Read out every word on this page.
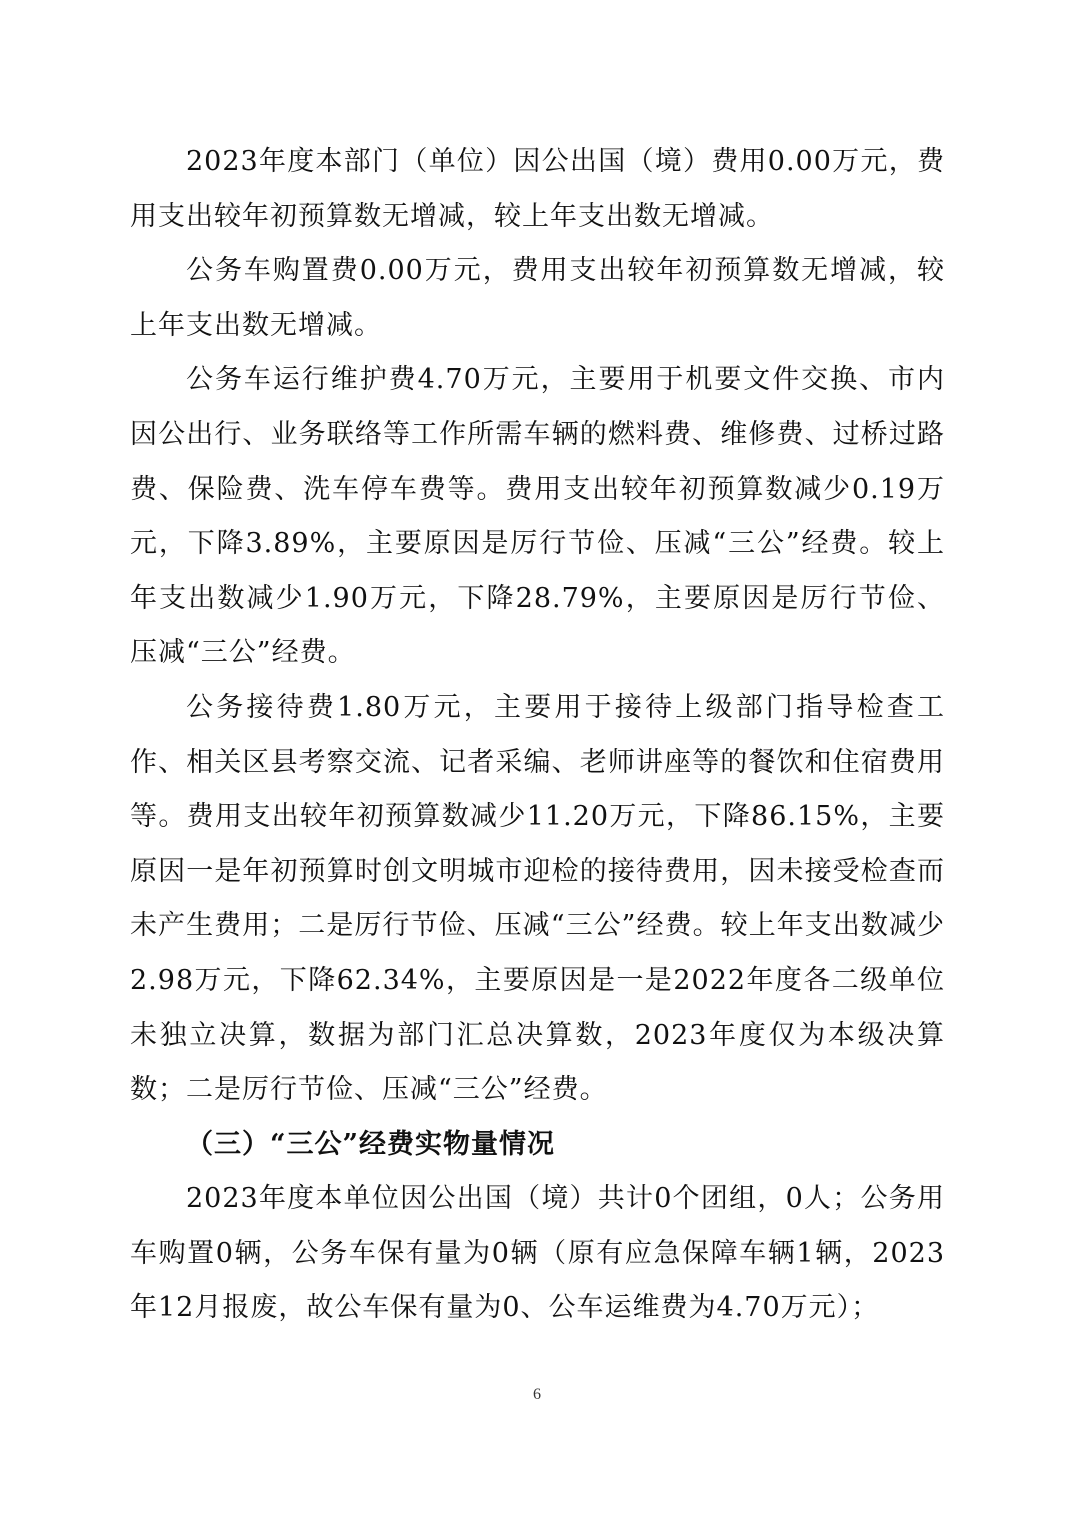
2023年度本部门（单位）因公出国（境）费用0.00万元，费用支出较年初预算数无增减，较上年支出数无增减。

公务车购置费0.00万元，费用支出较年初预算数无增减，较上年支出数无增减。

公务车运行维护费4.70万元，主要用于机要文件交换、市内因公出行、业务联络等工作所需车辆的燃料费、维修费、过桥过路费、保险费、洗车停车费等。费用支出较年初预算数减少0.19万元，下降3.89%，主要原因是厉行节俭、压减“三公”经费。较上年支出数减少1.90万元，下降28.79%，主要原因是厉行节俭、压减“三公”经费。

公务接待费1.80万元，主要用于接待上级部门指导检查工作、相关区县考察交流、记者采编、老师讲座等的餐饮和住宿费用等。费用支出较年初预算数减少11.20万元，下降86.15%，主要原因一是年初预算时创文明城市迎检的接待费用，因未接受检查而未产生费用；二是厉行节俭、压减“三公”经费。较上年支出数减少2.98万元，下降62.34%，主要原因是一是2022年度各二级单位未独立决算，数据为部门汇总决算数，2023年度仅为本级决算数；二是厉行节俭、压减“三公”经费。

（三）“三公”经费实物量情况

2023年度本单位因公出国（境）共计0个团组，0人；公务用车购置0辆，公务车保有量为0辆（原有应急保障车辆1辆，2023年12月报废，故公车保有量为0、公车运维费为4.70万元）；

6
